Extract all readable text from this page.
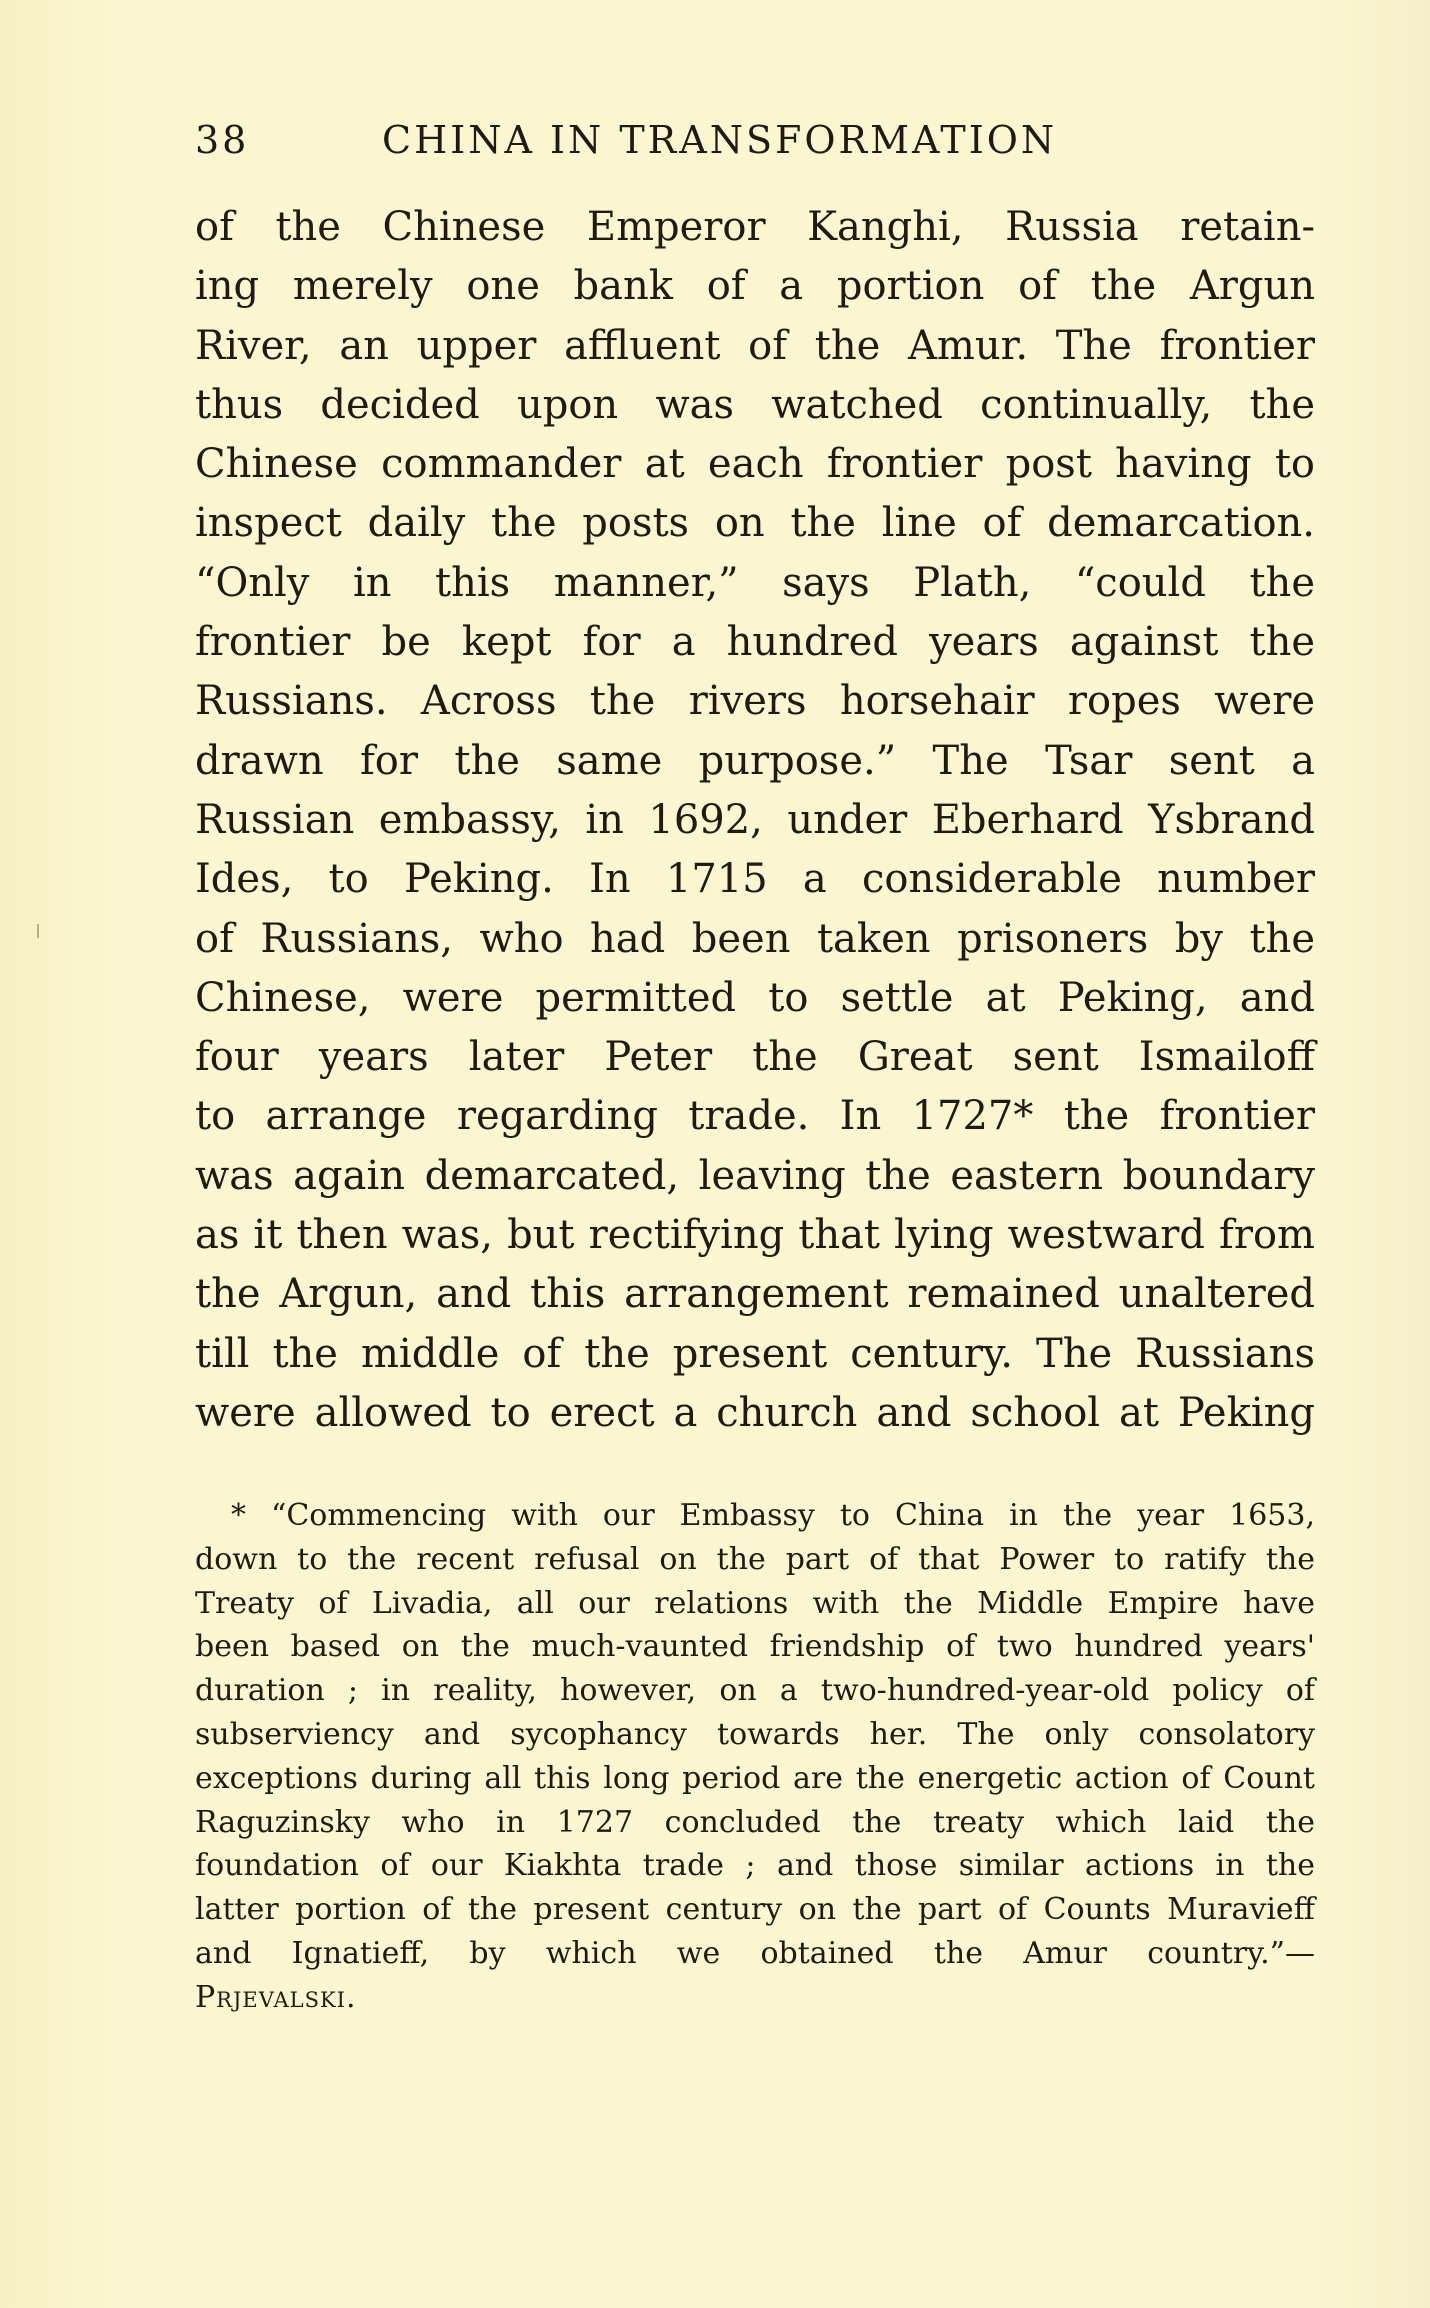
38	CHINA IN TRANSFORMATION
of the Chinese Emperor Kanghi, Russia retain-
ing merely one bank of a portion of the Argun
River, an upper affluent of the Amur. The frontier
thus decided upon was watched continually, the
Chinese commander at each frontier post having to
inspect daily the posts on the line of demarcation.
“Only in this manner,” says Plath, “could the
frontier be kept for a hundred years against the
Russians. Across the rivers horsehair ropes were
drawn for the same purpose.” The Tsar sent a
Russian embassy, in 1692, under Eberhard Ysbrand
Ides, to Peking. In 1715 a considerable number
of Russians, who had been taken prisoners by the
Chinese, were permitted to settle at Peking, and
four years later Peter the Great sent Ismailoff
to arrange regarding trade. In 1727* the frontier
was again demarcated, leaving the eastern boundary
as it then was, but rectifying that lying westward from
the Argun, and this arrangement remained unaltered
till the middle of the present century. The Russians
were allowed to erect a church and school at Peking
* “Commencing with our Embassy to China in the year 1653,
down to the recent refusal on the part of that Power to ratify the
Treaty of Livadia, all our relations with the Middle Empire have
been based on the much-vaunted friendship of two hundred years'
duration ; in reality, however, on a two-hundred-year-old policy of
subserviency and sycophancy towards her. The only consolatory
exceptions during all this long period are the energetic action of Count
Raguzinsky who in 1727 concluded the treaty which laid the
foundation of our Kiakhta trade ; and those similar actions in the
latter portion of the present century on the part of Counts Muravieff
and Ignatieff, by which we obtained the Amur country.”—
Prjevalski.
